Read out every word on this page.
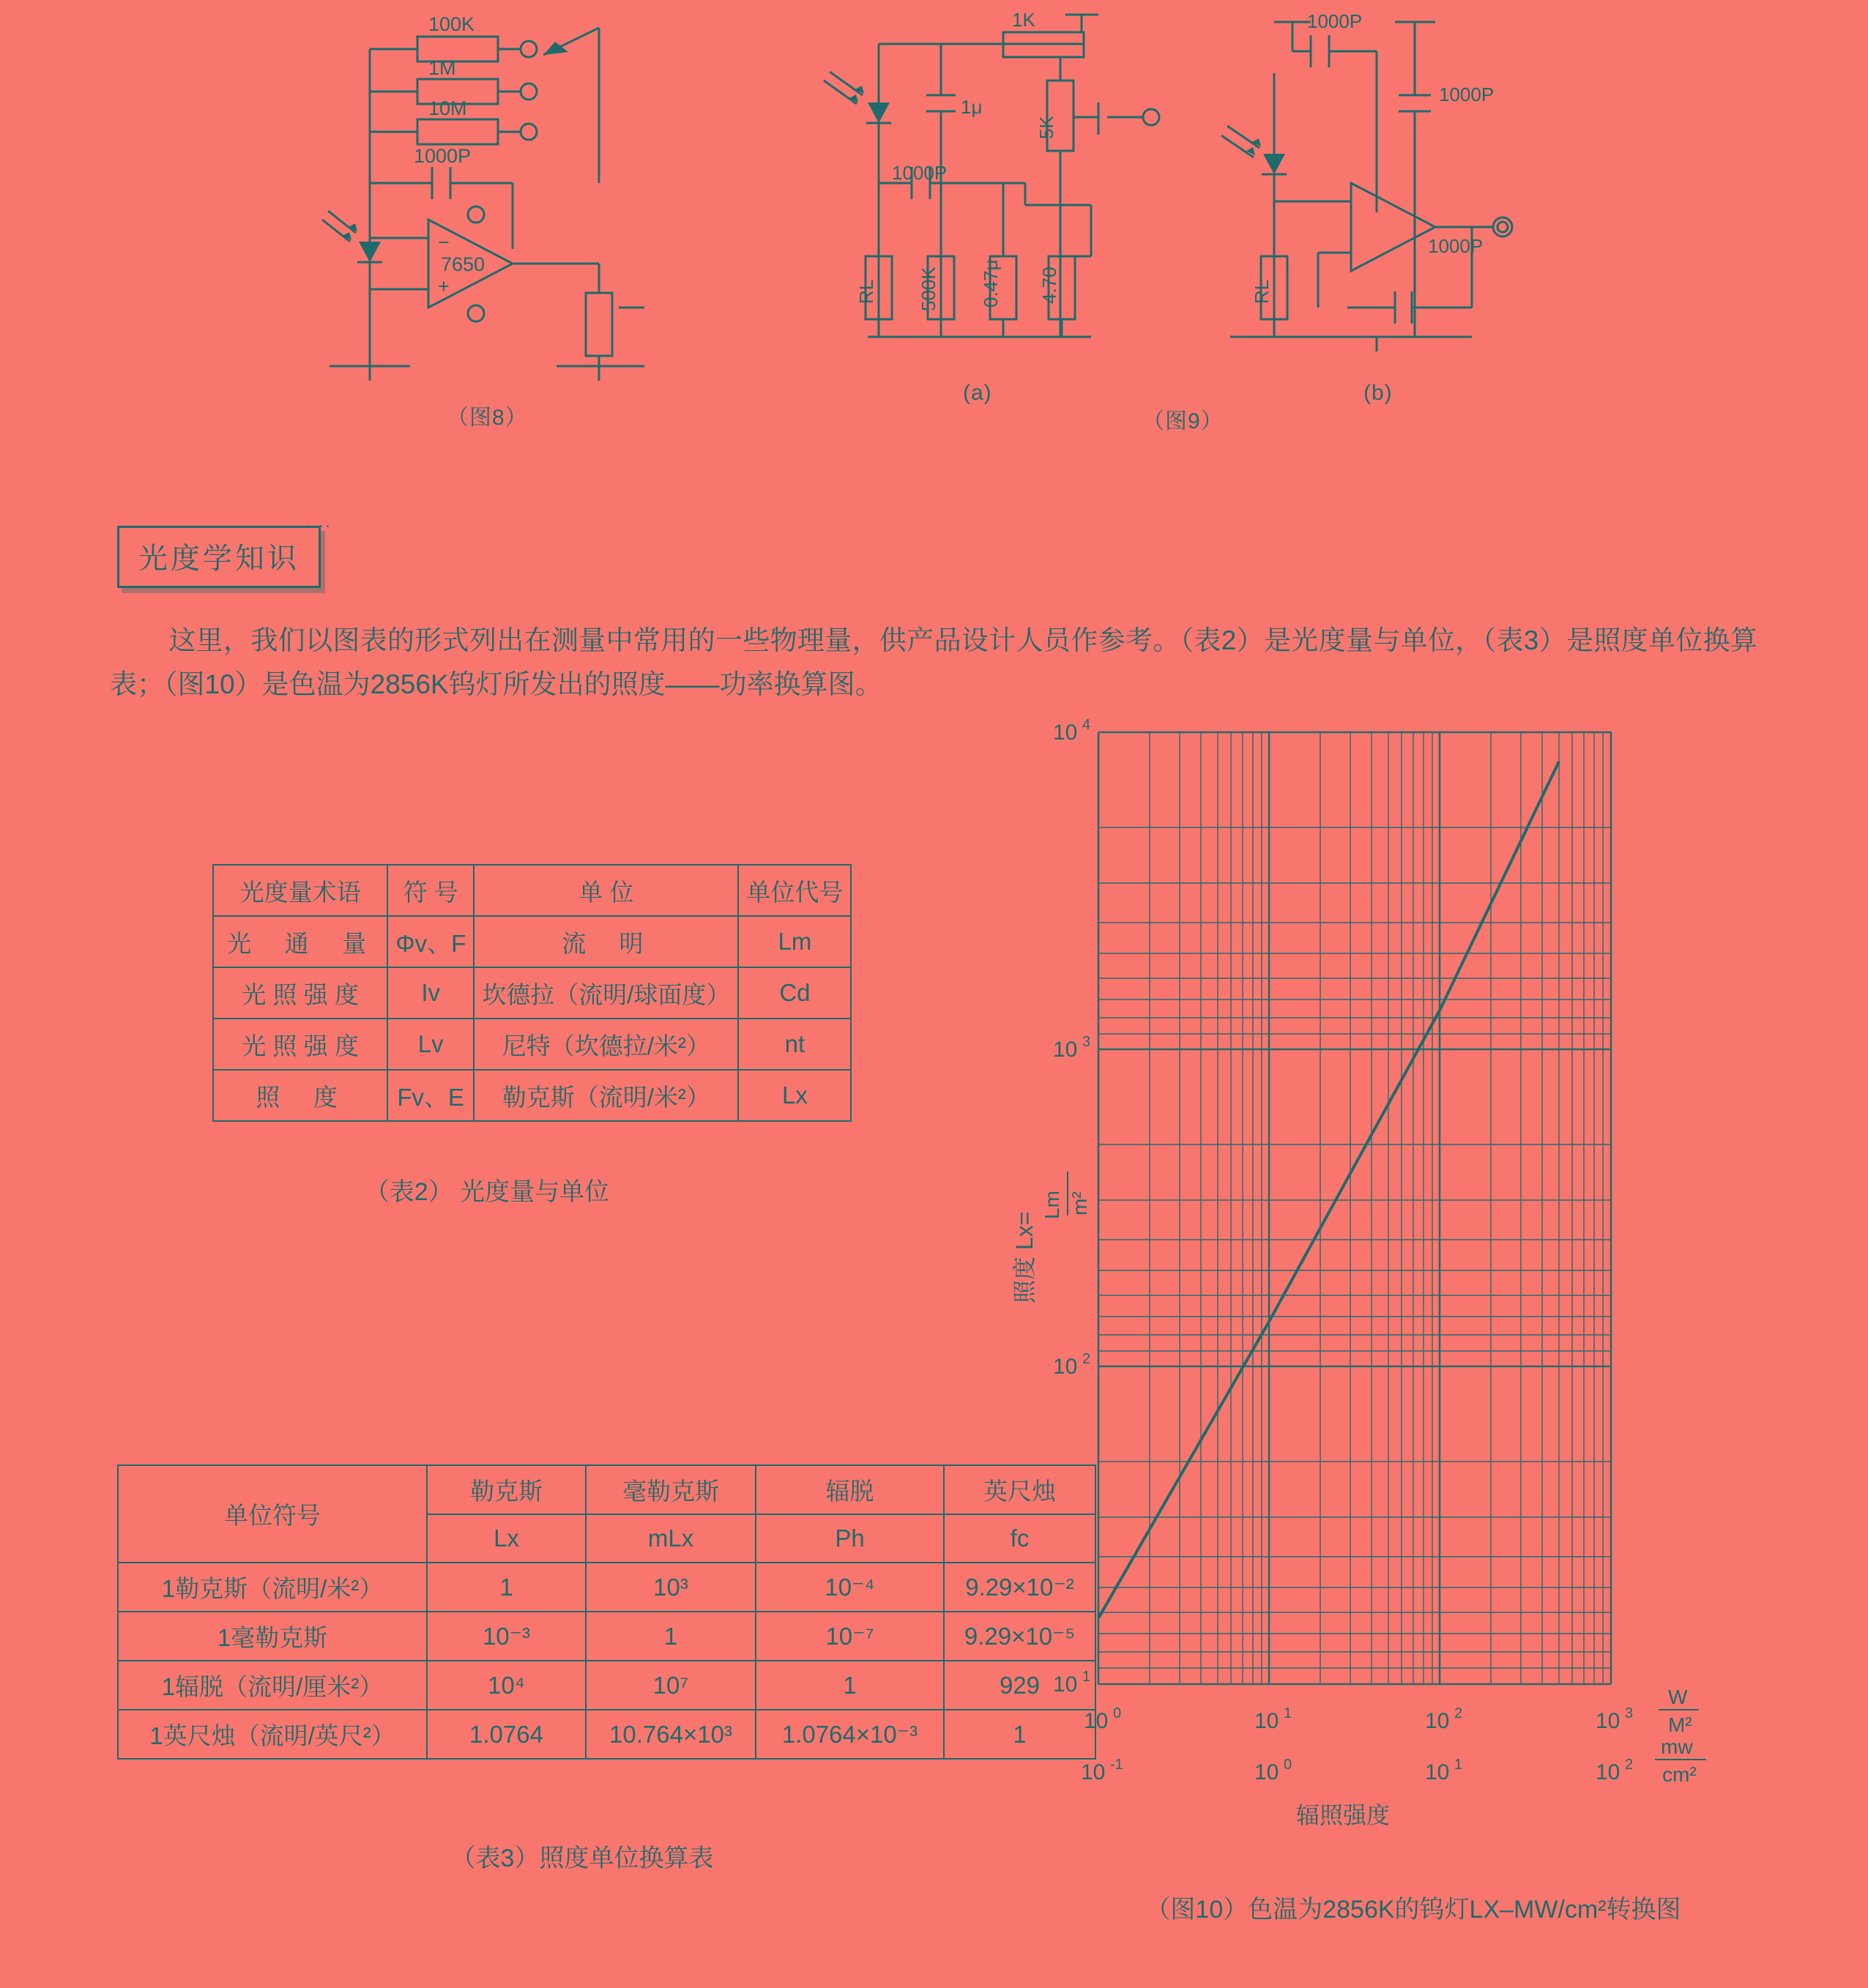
100K
1M
10M
1000P
7650
−
+
1K
1μ
1000P
5K
RL 500K 0.47μ 4.70
1000P
1000P
1000P
RL
（图8）
(a)
（图9）
(b)
.....
光度学知识
这里，我们以图表的形式列出在测量中常用的一些物理量，供产品设计人员作参考。（表2）是光度量与单位，（表3）是照度单位换算表；（图10）是色温为2856K钨灯所发出的照度——功率换算图。
光度量术语	符 号	单 位	单位代号
光 通 量	Φv、F	流 明	Lm
光 照 强 度	Iv	坎德拉（流明/球面度）	Cd
光 照 强 度	Lv	尼特（坎德拉/米²）	nt
照 度	Fv、E	勒克斯（流明/米²）	Lx
（表2） 光度量与单位
单位符号	勒克斯	毫勒克斯	辐脱	英尺烛
	Lx	mLx	Ph	fc
1勒克斯（流明/米²）	1	10³	10⁻⁴	9.29×10⁻²
1毫勒克斯	10⁻³	1	10⁻⁷	9.29×10⁻⁵
1辐脱（流明/厘米²）	10⁴	10⁷	1	929
1英尺烛（流明/英尺²）	1.0764	10.764×10³	1.0764×10⁻³	1
（表3）照度单位换算表
10 4
10 3
10 2
10 1
10 0	10 1	10 2	10 3
10 -1	10 0	10 1	10 2
W
M²
mw
cm²
辐照强度
照度 Lx=
Lm m²
（图10）色温为2856K的钨灯LX–MW/cm²转换图
